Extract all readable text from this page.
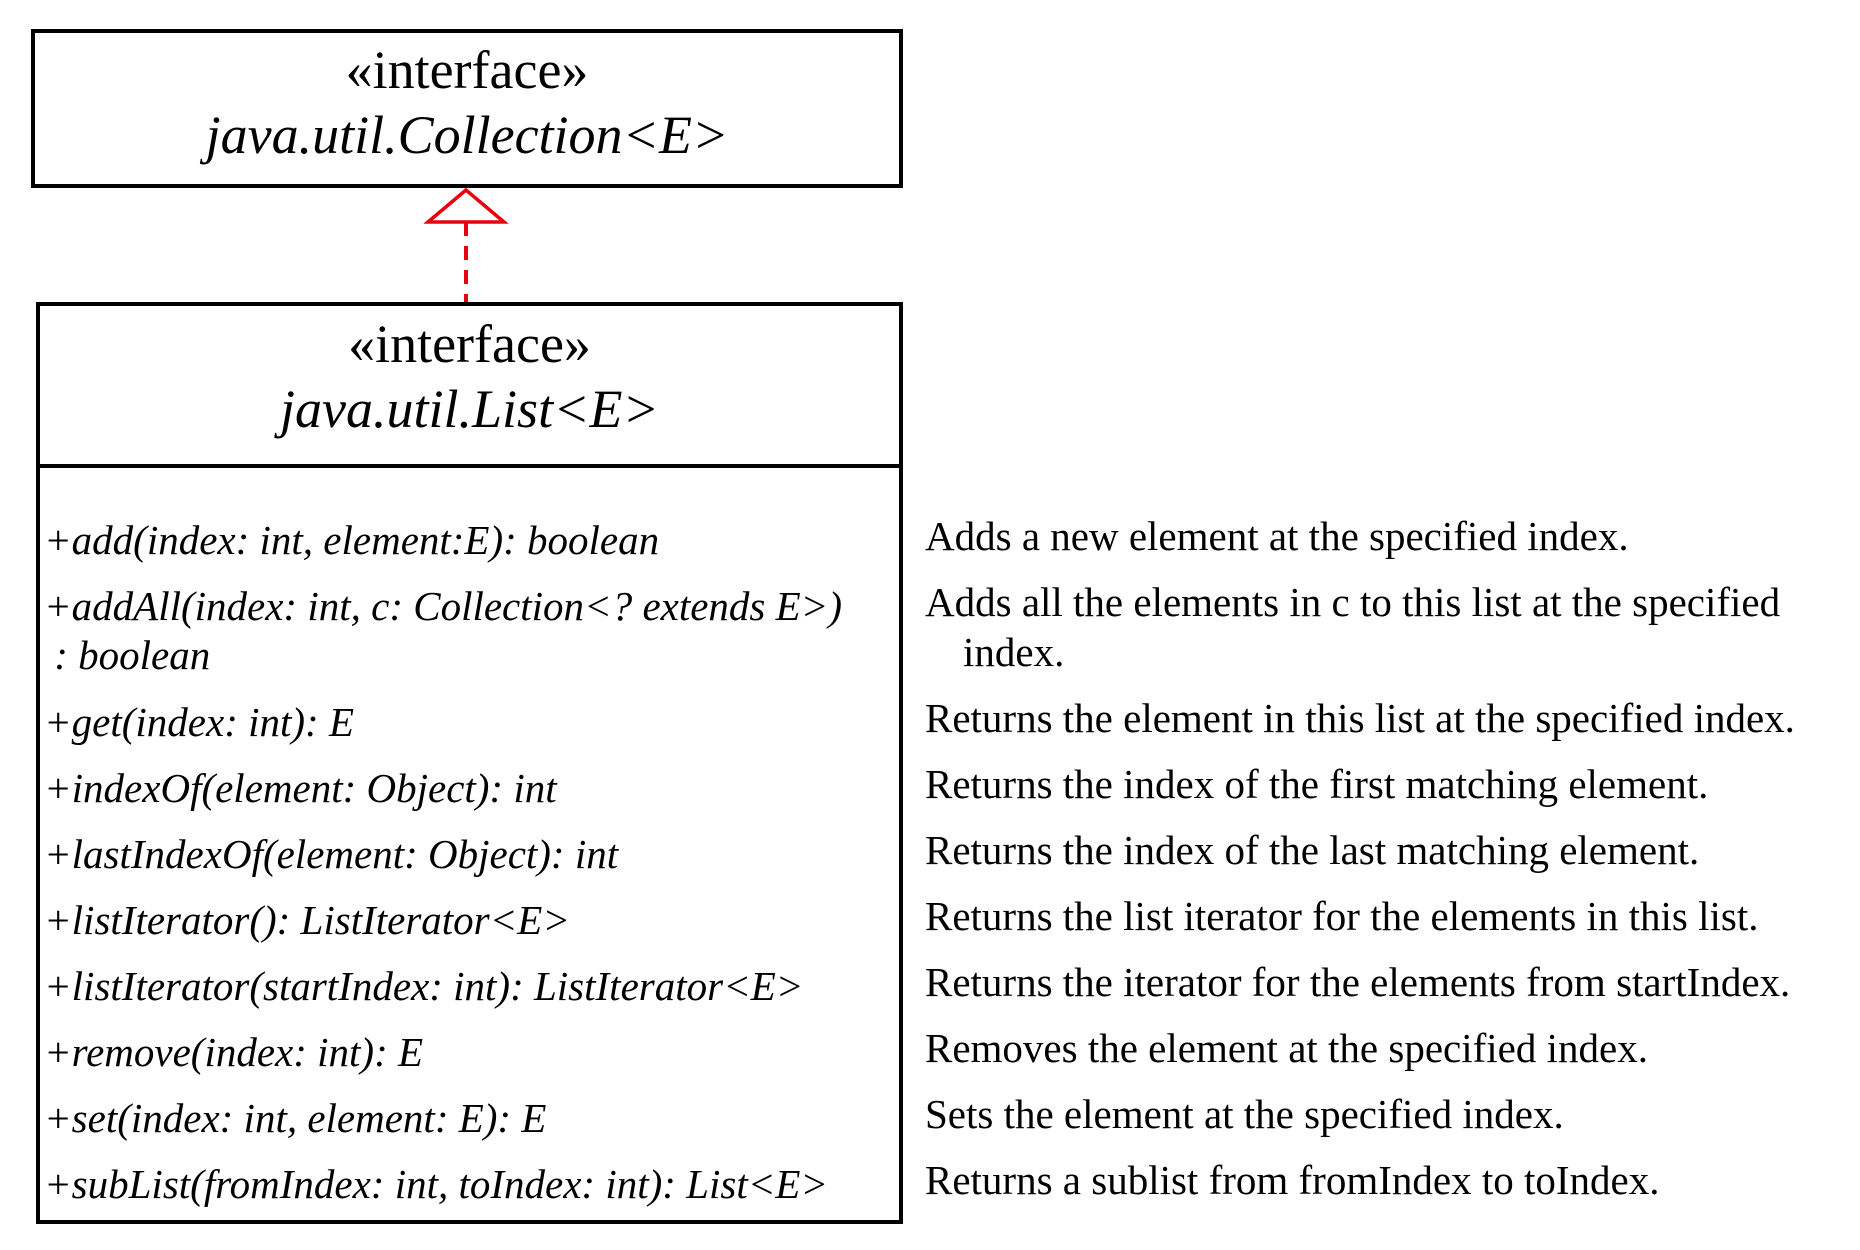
«interface»
java.util.Collection<E>
«interface»
java.util.List<E>
+add(index: int, element:E): boolean
+addAll(index: int, c: Collection<? extends E>)
: boolean
+get(index: int): E
+indexOf(element: Object): int
+lastIndexOf(element: Object): int
+listIterator(): ListIterator<E>
+listIterator(startIndex: int): ListIterator<E>
+remove(index: int): E
+set(index: int, element: E): E
+subList(fromIndex: int, toIndex: int): List<E>
Adds a new element at the specified index.
Adds all the elements in c to this list at the specified
index.
Returns the element in this list at the specified index.
Returns the index of the first matching element.
Returns the index of the last matching element.
Returns the list iterator for the elements in this list.
Returns the iterator for the elements from startIndex.
Removes the element at the specified index.
Sets the element at the specified index.
Returns a sublist from fromIndex to toIndex.
